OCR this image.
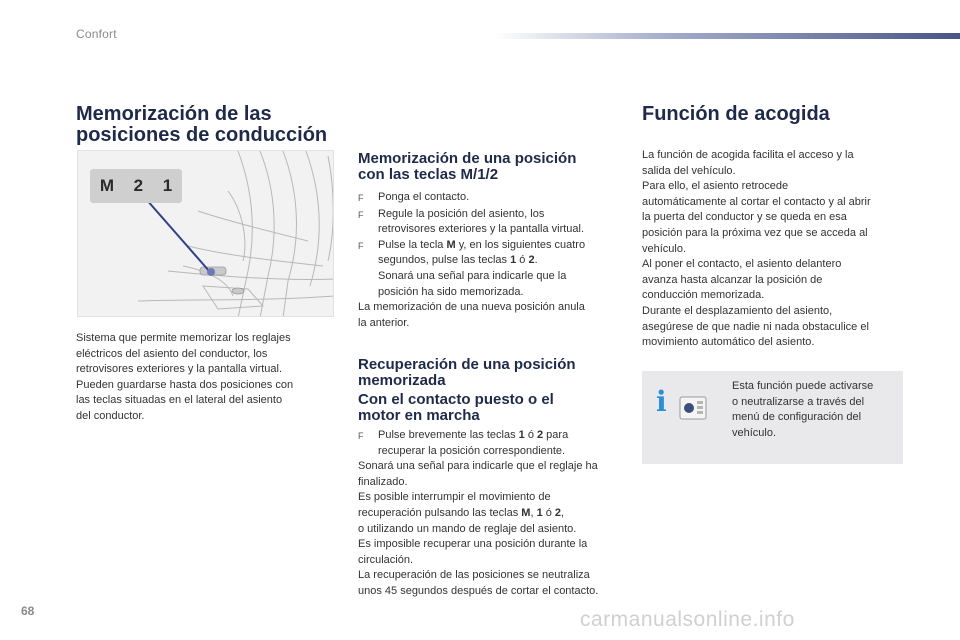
Confort
Memorización de las
posiciones de conducción
M 2 1

Sistema que permite memorizar los reglajes

eléctricos del asiento del conductor, los

retrovisores exteriores y la pantalla virtual.

Pueden guardarse hasta dos posiciones con

las teclas situadas en el lateral del asiento

del conductor.

Memorización de una posición
con las teclas M/1/2
F	Ponga el contacto.
F	Regule la posición del asiento, los
retrovisores exteriores y la pantalla virtual.
F	Pulse la tecla M y, en los siguientes cuatro
segundos, pulse las teclas 1 ó 2.
Sonará una señal para indicarle que la
posición ha sido memorizada.

La memorización de una nueva posición anula

la anterior.

Recuperación de una posición
memorizada
Con el contacto puesto o el
motor en marcha
F	Pulse brevemente las teclas 1 ó 2 para
recuperar la posición correspondiente.

Sonará una señal para indicarle que el reglaje ha

finalizado.

Es posible interrumpir el movimiento de

recuperación pulsando las teclas M, 1 ó 2,

o utilizando un mando de reglaje del asiento.

Es imposible recuperar una posición durante la

circulación.

La recuperación de las posiciones se neutraliza

unos 45 segundos después de cortar el contacto.

Función de acogida

La función de acogida facilita el acceso y la

salida del vehículo.

Para ello, el asiento retrocede

automáticamente al cortar el contacto y al abrir

la puerta del conductor y se queda en esa

posición para la próxima vez que se acceda al

vehículo.

Al poner el contacto, el asiento delantero

avanza hasta alcanzar la posición de

conducción memorizada.

Durante el desplazamiento del asiento,

asegúrese de que nadie ni nada obstaculice el

movimiento automático del asiento.

i	Esta función puede activarse

o neutralizarse a través del

menú de configuración del

vehículo.

68	carmanualsonline.info
